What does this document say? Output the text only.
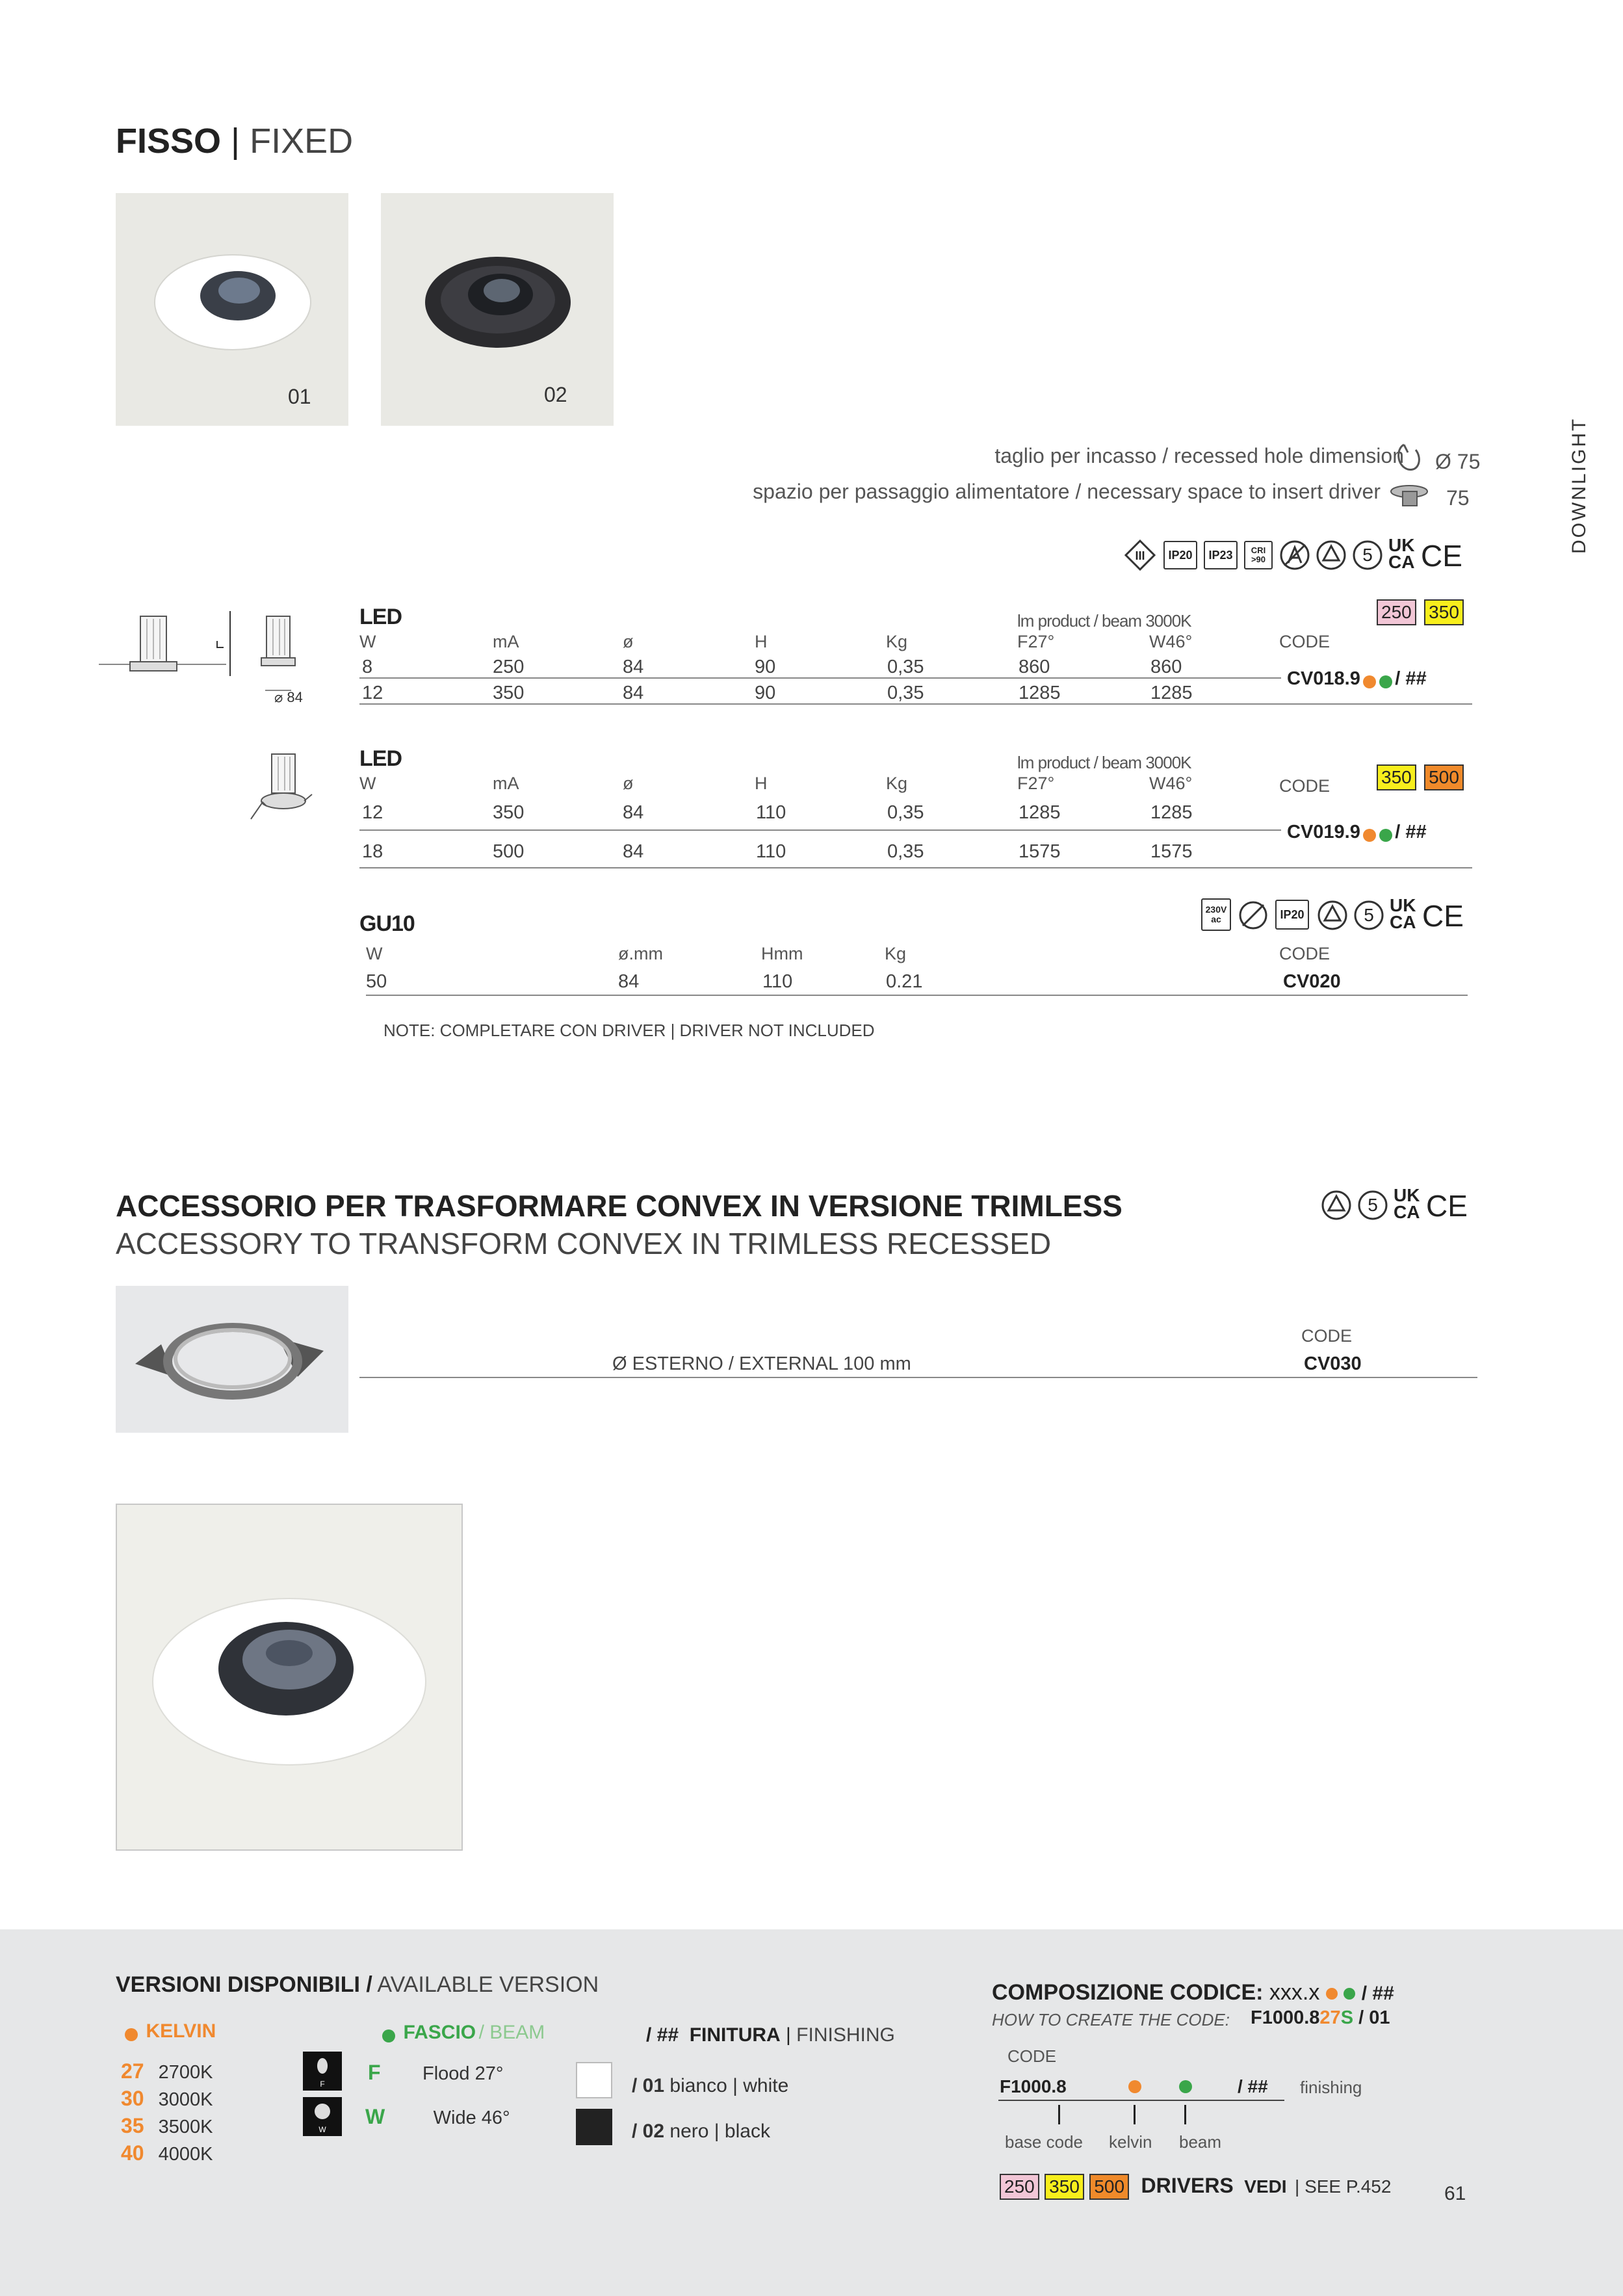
FISSO | FIXED
01	02
DOWNLIGHT
taglio per incasso / recessed hole dimension Ø 75
spazio per passaggio alimentatore / necessary space to insert driver	75
III	IP20	IP23	CRI >90	5 UK
CA CE
⌀ 84
LED	lm product / beam 3000K	250 350
W	mA	ø	H	Kg	F27°	W46°	CODE
8	250	84	90	0,35	860	860
12	350	84	90	0,35	1285	1285
CV018.9 / ##
LED	lm product / beam 3000K
350 500
W	mA	ø	H	Kg	F27°	W46°	CODE
12	350	84	110	0,35	1285	1285
18	500	84	110	0,35	1575	1575
CV019.9 / ##
GU10
230V ac	IP20	5 UK
CA CE
W	ø.mm	Hmm	Kg	CODE
50	84	110	0.21	CV020
NOTE: COMPLETARE CON DRIVER | DRIVER NOT INCLUDED
ACCESSORIO PER TRASFORMARE CONVEX IN VERSIONE TRIMLESS
ACCESSORY TO TRANSFORM CONVEX IN TRIMLESS RECESSED
5 UK
CA CE
CODE
Ø ESTERNO / EXTERNAL 100 mm	CV030
VERSIONI DISPONIBILI / AVAILABLE VERSION
KELVIN
27 2700K
30 3000K
35 3500K
40 4000K
FASCIO / BEAM
F
W
F Flood 27°
W	Wide 46°
/ ## FINITURA | FINISHING
/ 01 bianco | white
/ 02 nero | black
COMPOSIZIONE CODICE: xxx.x / ##
HOW TO CREATE THE CODE: F1000.827S / 01
CODE
F1000.8	/ ## finishing
base code kelvin beam
250 350 500 DRIVERS VEDI | SEE P.452	61
